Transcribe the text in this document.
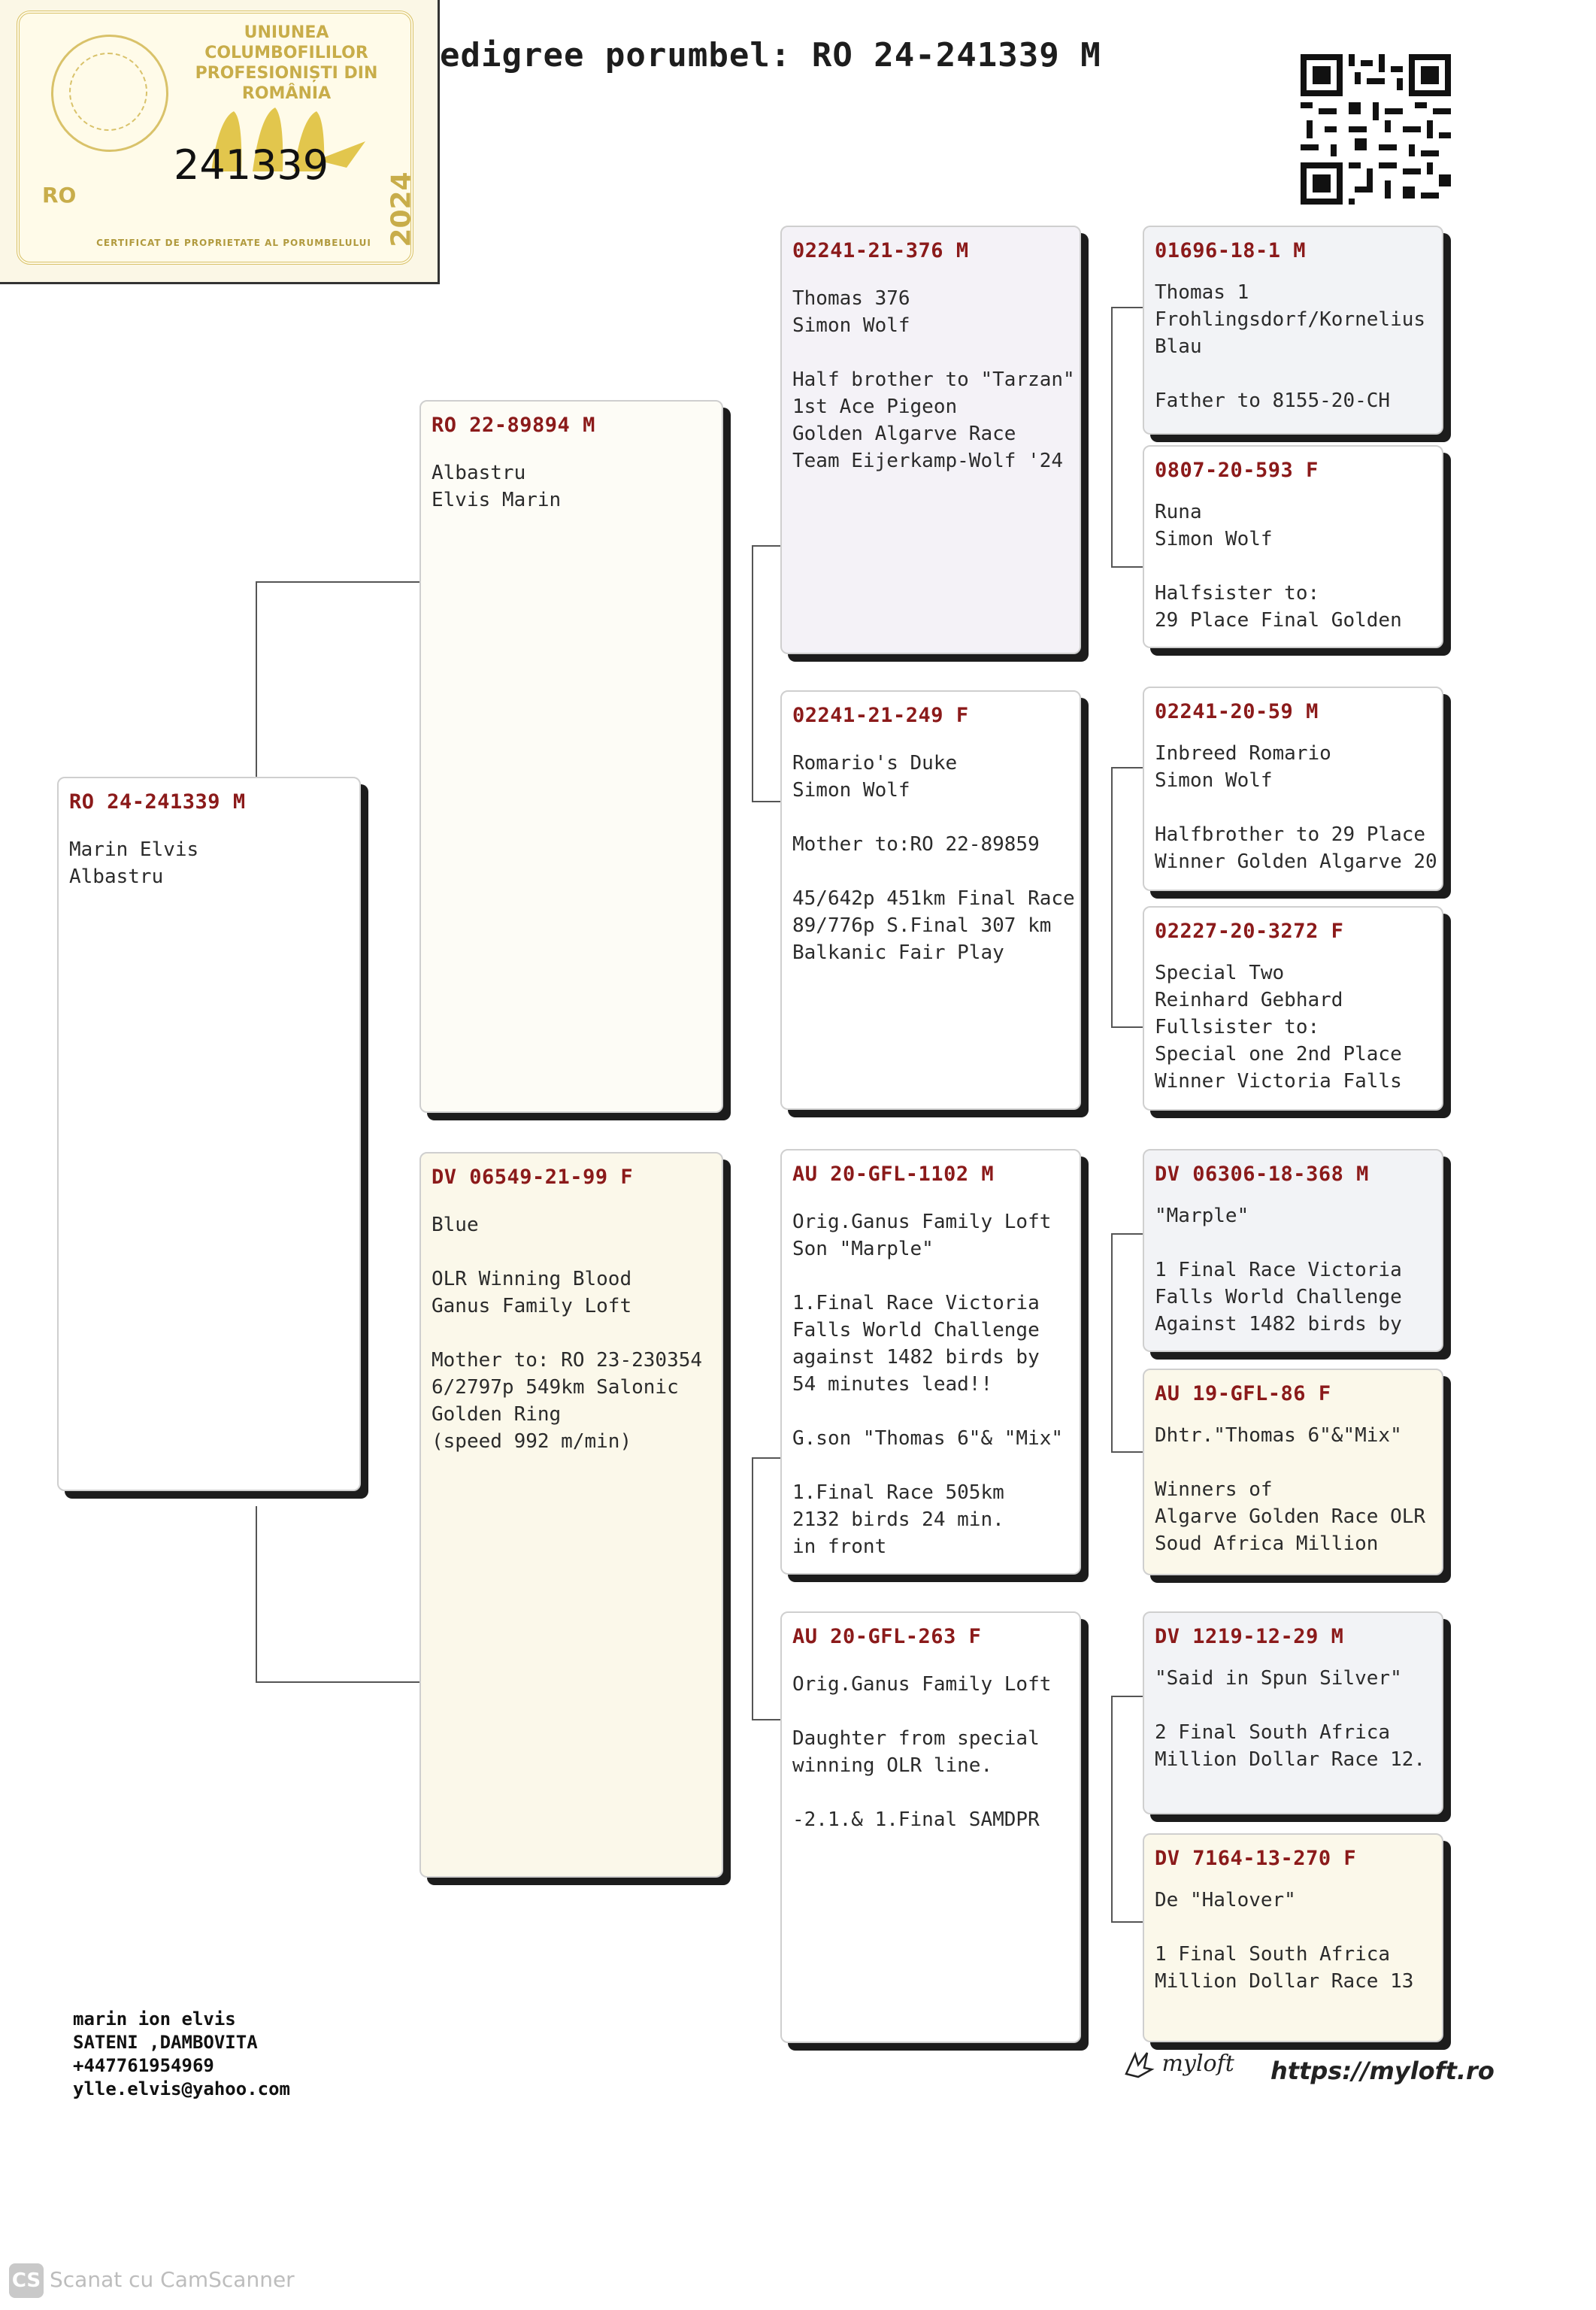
edigree porumbel: RO 24-241339 M
UNIUNEA COLUMBOFILILOR
PROFESIONIȘTI DIN ROMÂNIA
241339
RO	2024
CERTIFICAT DE PROPRIETATE AL PORUMBELULUI
RO 24-241339 M
Marin Elvis
Albastru
RO 22-89894 M
Albastru
Elvis Marin
DV 06549-21-99 F
Blue

OLR Winning Blood
Ganus Family Loft

Mother to: RO 23-230354
6/2797p 549km Salonic
Golden Ring
(speed 992 m/min)
02241-21-376 M
Thomas 376
Simon Wolf

Half brother to "Tarzan"
1st Ace Pigeon
Golden Algarve Race
Team Eijerkamp-Wolf '24
02241-21-249 F
Romario's Duke
Simon Wolf

Mother to:RO 22-89859

45/642p 451km Final Race
89/776p S.Final 307 km
Balkanic Fair Play
AU 20-GFL-1102 M
Orig.Ganus Family Loft
Son "Marple"

1.Final Race Victoria
Falls World Challenge
against 1482 birds by
54 minutes lead!!

G.son "Thomas 6"& "Mix"

1.Final Race 505km
2132 birds 24 min.
in front
AU 20-GFL-263 F
Orig.Ganus Family Loft

Daughter from special
winning OLR line.

-2.1.& 1.Final SAMDPR
01696-18-1 M
Thomas 1
Frohlingsdorf/Kornelius
Blau

Father to 8155-20-CH
0807-20-593 F
Runa
Simon Wolf

Halfsister to:
29 Place Final Golden
02241-20-59 M
Inbreed Romario
Simon Wolf

Halfbrother to 29 Place
Winner Golden Algarve 20
02227-20-3272 F
Special Two
Reinhard Gebhard
Fullsister to:
Special one 2nd Place
Winner Victoria Falls
DV 06306-18-368 M
"Marple"

1 Final Race Victoria
Falls World Challenge
Against 1482 birds by
AU 19-GFL-86 F
Dhtr."Thomas 6"&"Mix"

Winners of
Algarve Golden Race OLR
Soud Africa Million
DV 1219-12-29 M
"Said in Spun Silver"

2 Final South Africa
Million Dollar Race 12.
DV 7164-13-270 F
De "Halover"

1 Final South Africa
Million Dollar Race 13
marin ion elvis
SATENI ,DAMBOVITA
+447761954969
ylle.elvis@yahoo.com
myloft https://myloft.ro
CS Scanat cu CamScanner
